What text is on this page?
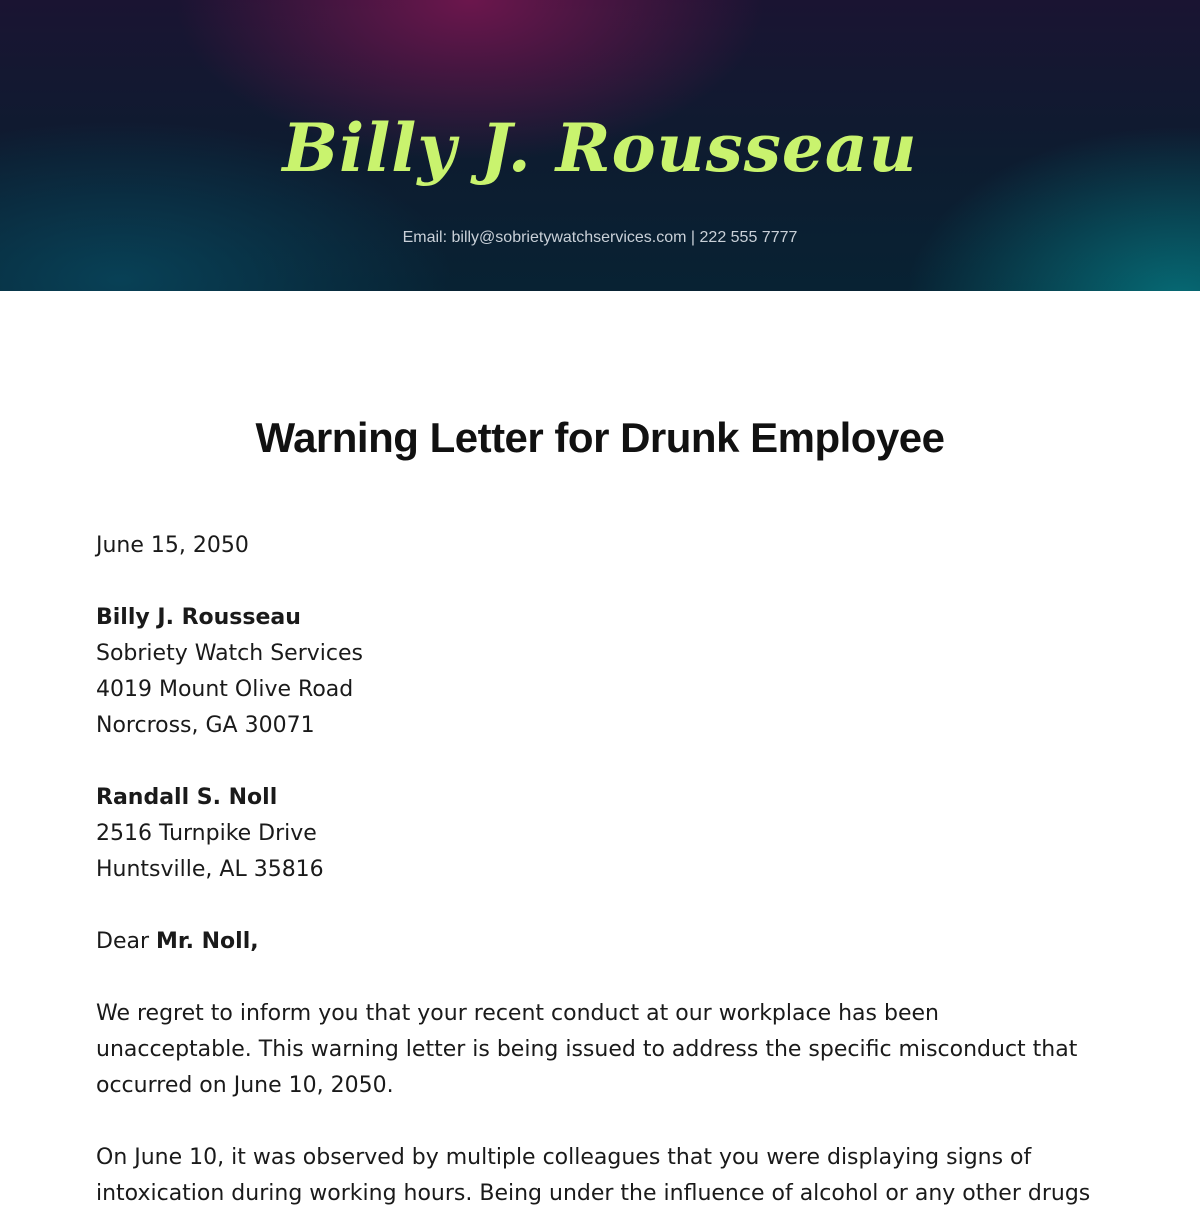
Billy J. Rousseau
Email: billy@sobrietywatchservices.com | 222 555 7777
Warning Letter for Drunk Employee
June 15, 2050
Billy J. Rousseau
Sobriety Watch Services
4019 Mount Olive Road
Norcross, GA 30071
Randall S. Noll
2516 Turnpike Drive
Huntsville, AL 35816
Dear Mr. Noll,
We regret to inform you that your recent conduct at our workplace has been
unacceptable. This warning letter is being issued to address the specific misconduct that
occurred on June 10, 2050.
On June 10, it was observed by multiple colleagues that you were displaying signs of
intoxication during working hours. Being under the influence of alcohol or any other drugs
